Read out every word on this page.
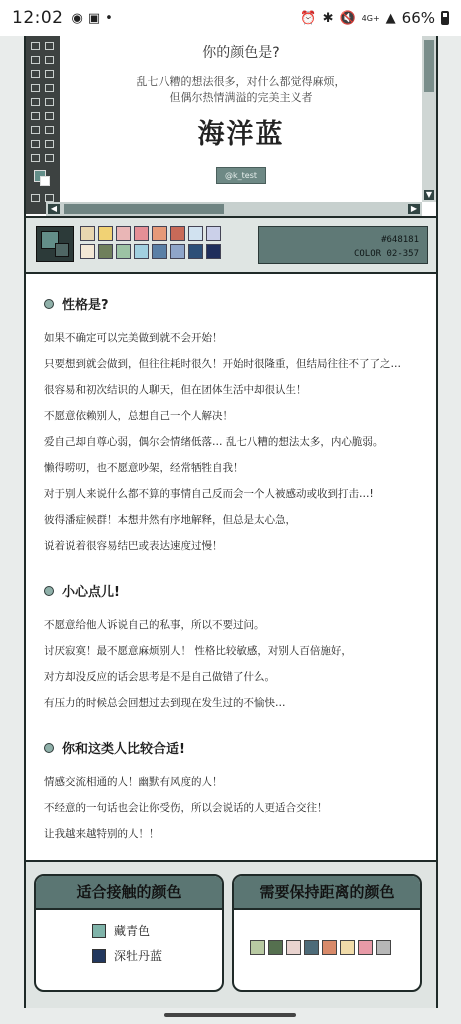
12:02 ◉ ▣ •	⏰ ✱ 🔇 4G+ ▲ 66%
你的颜色是?
乱七八糟的想法很多，对什么都觉得麻烦，
但偶尔热情满溢的完美主义者
海洋蓝
@k_test
▼
◀	▶
#648181
COLOR 02-357
性格是?
如果不确定可以完美做到就不会开始！
只要想到就会做到，但往往耗时很久！开始时很隆重，但结局往往不了了之…
很容易和初次结识的人聊天，但在团体生活中却很认生！
不愿意依赖别人，总想自己一个人解决！
爱自己却自尊心弱，偶尔会情绪低落… 乱七八糟的想法太多，内心脆弱。
懒得唠叨，也不愿意吵架，经常牺牲自我！
对于别人来说什么都不算的事情自己反而会一个人被感动或收到打击…!
彼得潘症候群！本想井然有序地解释，但总是太心急，
说着说着很容易结巴或表达速度过慢！
小心点儿!
不愿意给他人诉说自己的私事，所以不要过问。
讨厌寂寞！最不愿意麻烦别人！ 性格比较敏感，对别人百倍施好，
对方却没反应的话会思考是不是自己做错了什么。
有压力的时候总会回想过去到现在发生过的不愉快…
你和这类人比较合适!
情感交流相通的人！幽默有风度的人！
不经意的一句话也会让你受伤，所以会说话的人更适合交往！
让我越来越特别的人！！
适合接触的颜色
藏青色
深牡丹蓝
需要保持距离的颜色
